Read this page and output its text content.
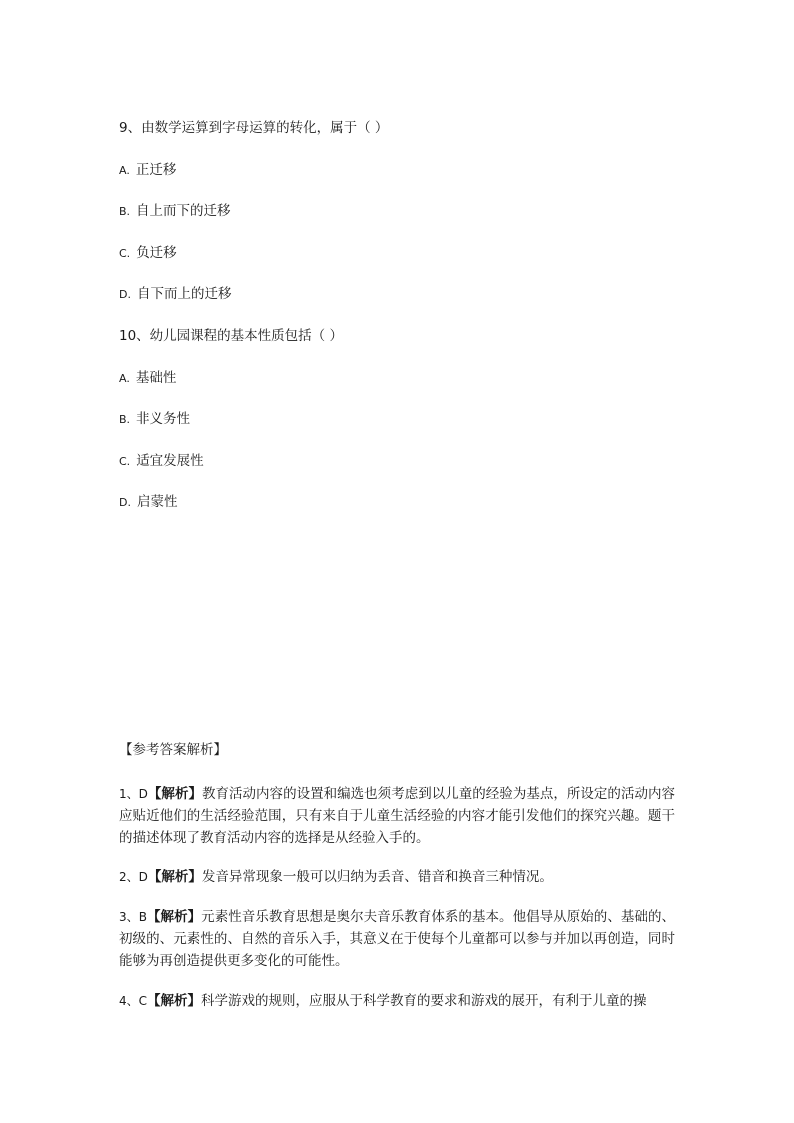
9、由数学运算到字母运算的转化，属于（ ）
A. 正迁移
B. 自上而下的迁移
C. 负迁移
D. 自下而上的迁移
10、幼儿园课程的基本性质包括（ ）
A. 基础性
B. 非义务性
C. 适宜发展性
D. 启蒙性
【参考答案解析】
1、D【解析】教育活动内容的设置和编选也须考虑到以儿童的经验为基点，所设定的活动内容应贴近他们的生活经验范围，只有来自于儿童生活经验的内容才能引发他们的探究兴趣。题干的描述体现了教育活动内容的选择是从经验入手的。
2、D【解析】发音异常现象一般可以归纳为丢音、错音和换音三种情况。
3、B【解析】元素性音乐教育思想是奥尔夫音乐教育体系的基本。他倡导从原始的、基础的、初级的、元素性的、自然的音乐入手，其意义在于使每个儿童都可以参与并加以再创造，同时能够为再创造提供更多变化的可能性。
4、C【解析】科学游戏的规则，应服从于科学教育的要求和游戏的展开，有利于儿童的操
